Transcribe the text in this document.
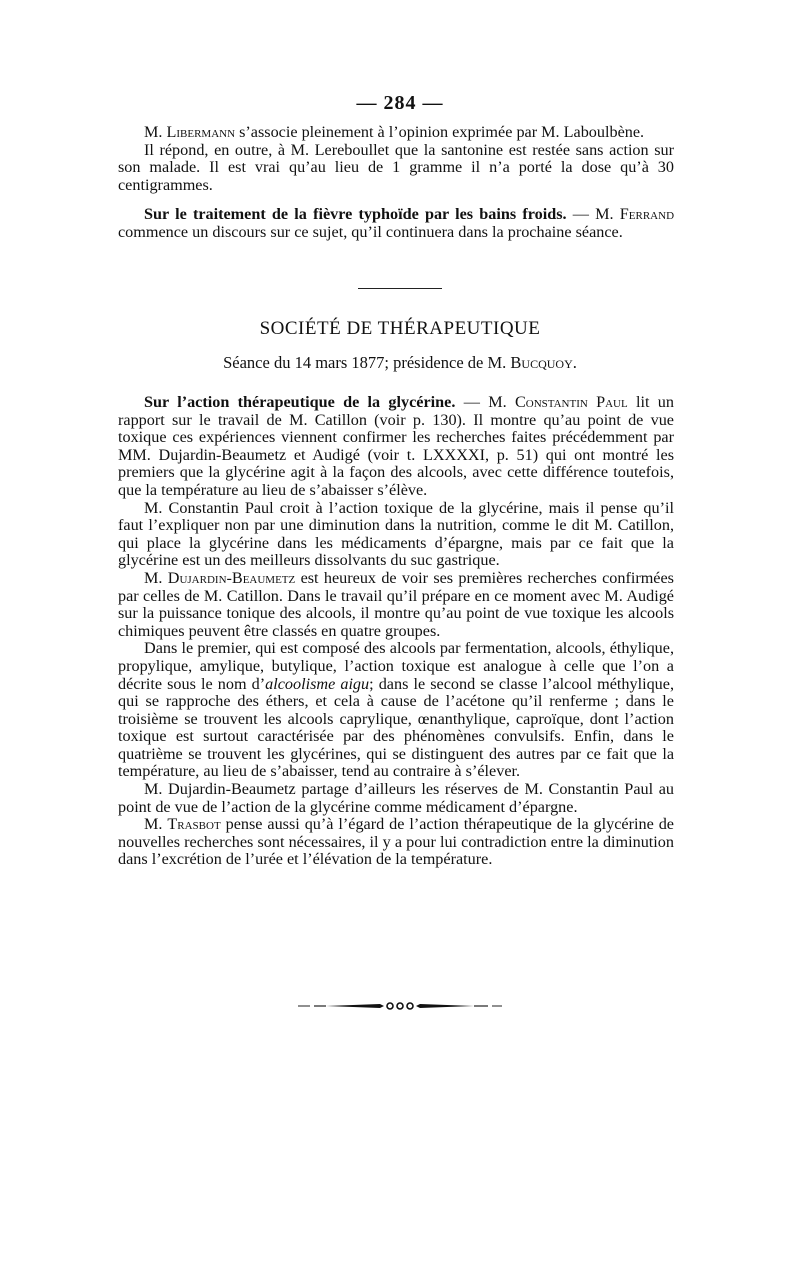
— 284 —

M. Libermann s’associe pleinement à l’opinion exprimée par M. Laboulbène.

Il répond, en outre, à M. Lereboullet que la santonine est restée sans action sur son malade. Il est vrai qu’au lieu de 1 gramme il n’a porté la dose qu’à 30 centigrammes.

Sur le traitement de la fièvre typhoïde par les bains froids. — M. Ferrand commence un discours sur ce sujet, qu’il continuera dans la prochaine séance.

SOCIÉTÉ DE THÉRAPEUTIQUE
Séance du 14 mars 1877; présidence de M. Bucquoy.

Sur l’action thérapeutique de la glycérine. — M. Constantin Paul lit un rapport sur le travail de M. Catillon (voir p. 130). Il montre qu’au point de vue toxique ces expériences viennent confirmer les recherches faites précédemment par MM. Dujardin-Beaumetz et Audigé (voir t. LXXXXI, p. 51) qui ont montré les premiers que la glycérine agit à la façon des alcools, avec cette différence toutefois, que la température au lieu de s’abaisser s’élève.

M. Constantin Paul croit à l’action toxique de la glycérine, mais il pense qu’il faut l’expliquer non par une diminution dans la nutrition, comme le dit M. Catillon, qui place la glycérine dans les médicaments d’épargne, mais par ce fait que la glycérine est un des meilleurs dissolvants du suc gastrique.

M. Dujardin-Beaumetz est heureux de voir ses premières recherches confirmées par celles de M. Catillon. Dans le travail qu’il prépare en ce moment avec M. Audigé sur la puissance tonique des alcools, il montre qu’au point de vue toxique les alcools chimiques peuvent être classés en quatre groupes.

Dans le premier, qui est composé des alcools par fermentation, alcools, éthylique, propylique, amylique, butylique, l’action toxique est analogue à celle que l’on a décrite sous le nom d’alcoolisme aigu; dans le second se classe l’alcool méthylique, qui se rapproche des éthers, et cela à cause de l’acétone qu’il renferme ; dans le troisième se trouvent les alcools caprylique, œnanthylique, caproïque, dont l’action toxique est surtout caractérisée par des phénomènes convulsifs. Enfin, dans le quatrième se trouvent les glycérines, qui se distinguent des autres par ce fait que la température, au lieu de s’abaisser, tend au contraire à s’élever.

M. Dujardin-Beaumetz partage d’ailleurs les réserves de M. Constantin Paul au point de vue de l’action de la glycérine comme médicament d’épargne.

M. Trasbot pense aussi qu’à l’égard de l’action thérapeutique de la glycérine de nouvelles recherches sont nécessaires, il y a pour lui contradiction entre la diminution dans l’excrétion de l’urée et l’élévation de la température.
